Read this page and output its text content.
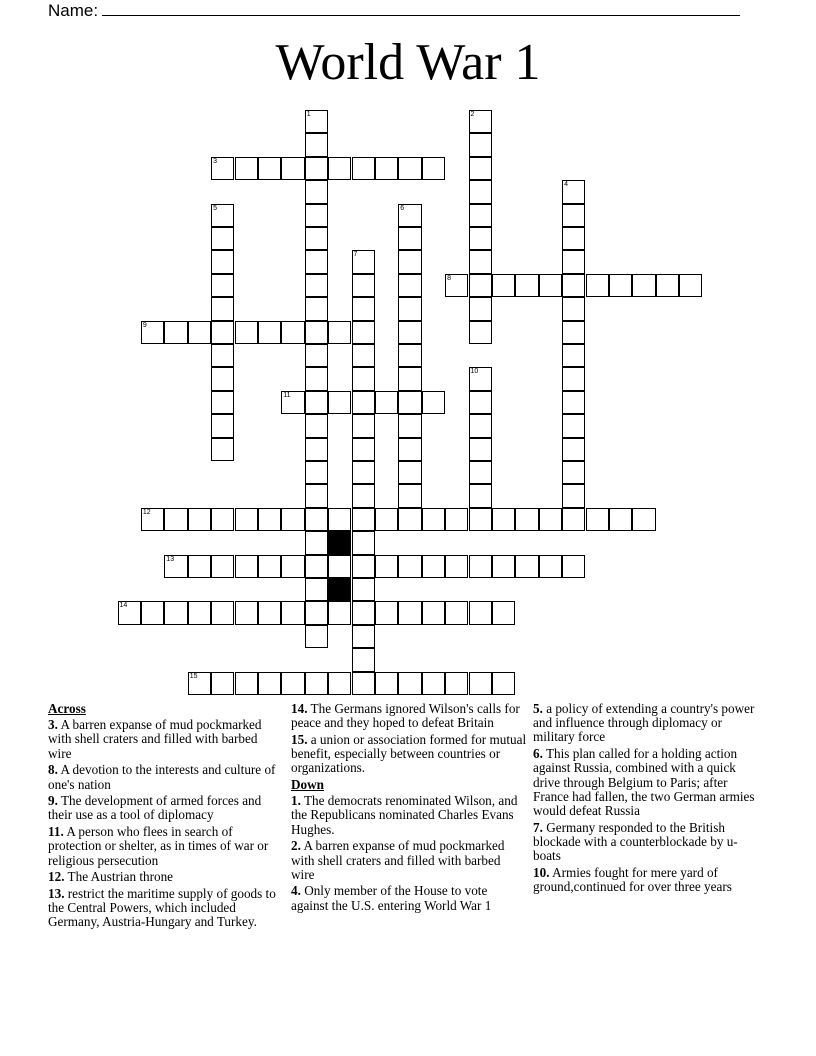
Name:
World War 1
1	2
3
4
5	6
7
8
9
10
11
12
13
14
15
Across
3. A barren expanse of mud pockmarked with shell craters and filled with barbed wire
8. A devotion to the interests and culture of one's nation
9. The development of armed forces and their use as a tool of diplomacy
11. A person who flees in search of protection or shelter, as in times of war or religious persecution
12. The Austrian throne
13. restrict the maritime supply of goods to the Central Powers, which included Germany, Austria-Hungary and Turkey.
14. The Germans ignored Wilson's calls for peace and they hoped to defeat Britain
15. a union or association formed for mutual benefit, especially between countries or organizations.
Down
1. The democrats renominated Wilson, and the Republicans nominated Charles Evans Hughes.
2. A barren expanse of mud pockmarked with shell craters and filled with barbed wire
4. Only member of the House to vote against the U.S. entering World War 1
5. a policy of extending a country's power and influence through diplomacy or military force
6. This plan called for a holding action against Russia, combined with a quick drive through Belgium to Paris; after France had fallen, the two German armies would defeat Russia
7. Germany responded to the British blockade with a counterblockade by u-boats
10. Armies fought for mere yard of ground,continued for over three years
